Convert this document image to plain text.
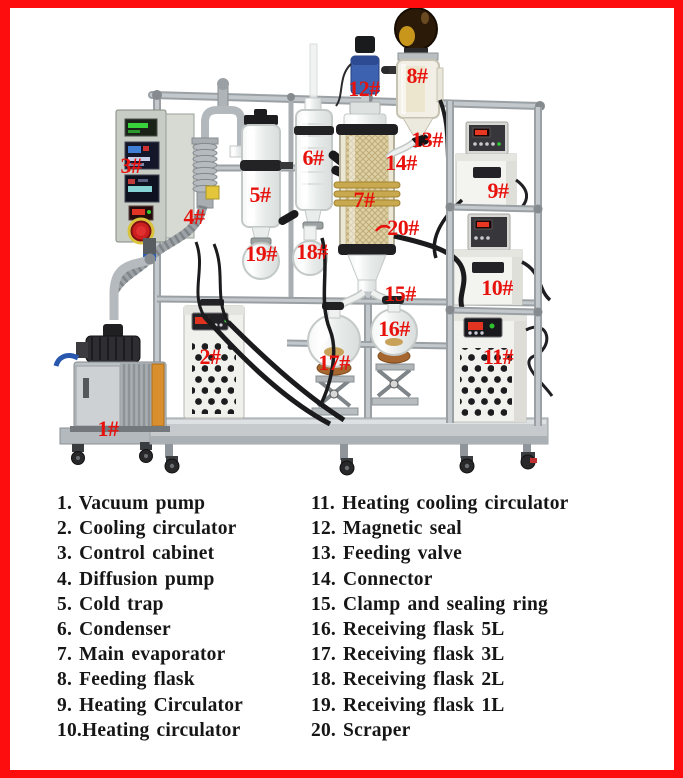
1#
2#
3#
4#
5#
6#
7#
8#
9#
10#
11#
12#
13#
14#
15#
16#
17#
18#
19#
20#
1. Vacuum pump
2. Cooling circulator
3. Control cabinet
4. Diffusion pump
5. Cold trap
6. Condenser
7. Main evaporator
8. Feeding flask
9. Heating Circulator
10.Heating circulator
11. Heating cooling circulator
12. Magnetic seal
13. Feeding valve
14. Connector
15. Clamp and sealing ring
16. Receiving flask 5L
17. Receiving flask 3L
18. Receiving flask 2L
19. Receiving flask 1L
20. Scraper
